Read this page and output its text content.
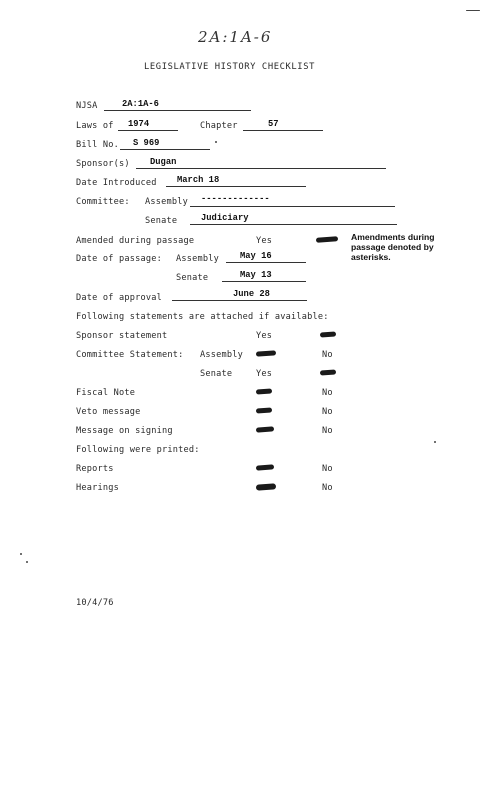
2A:1A-6
LEGISLATIVE HISTORY CHECKLIST
NJSA	2A:1A-6
Laws of 1974	Chapter	57
Bill No. S 969
Sponsor(s) Dugan
Date Introduced March 18
Committee: Assembly -------------
Senate	Judiciary
Amended during passage	Yes	Amendments during passage denoted by asterisks.
Date of passage: Assembly May 16
Senate	May 13
Date of approval	June 28
Following statements are attached if available:
Sponsor statement	Yes
Committee Statement: Assembly	No
Senate	Yes
Fiscal Note	No
Veto message	No
Message on signing	No
Following were printed:
Reports	No
Hearings	No
10/4/76
